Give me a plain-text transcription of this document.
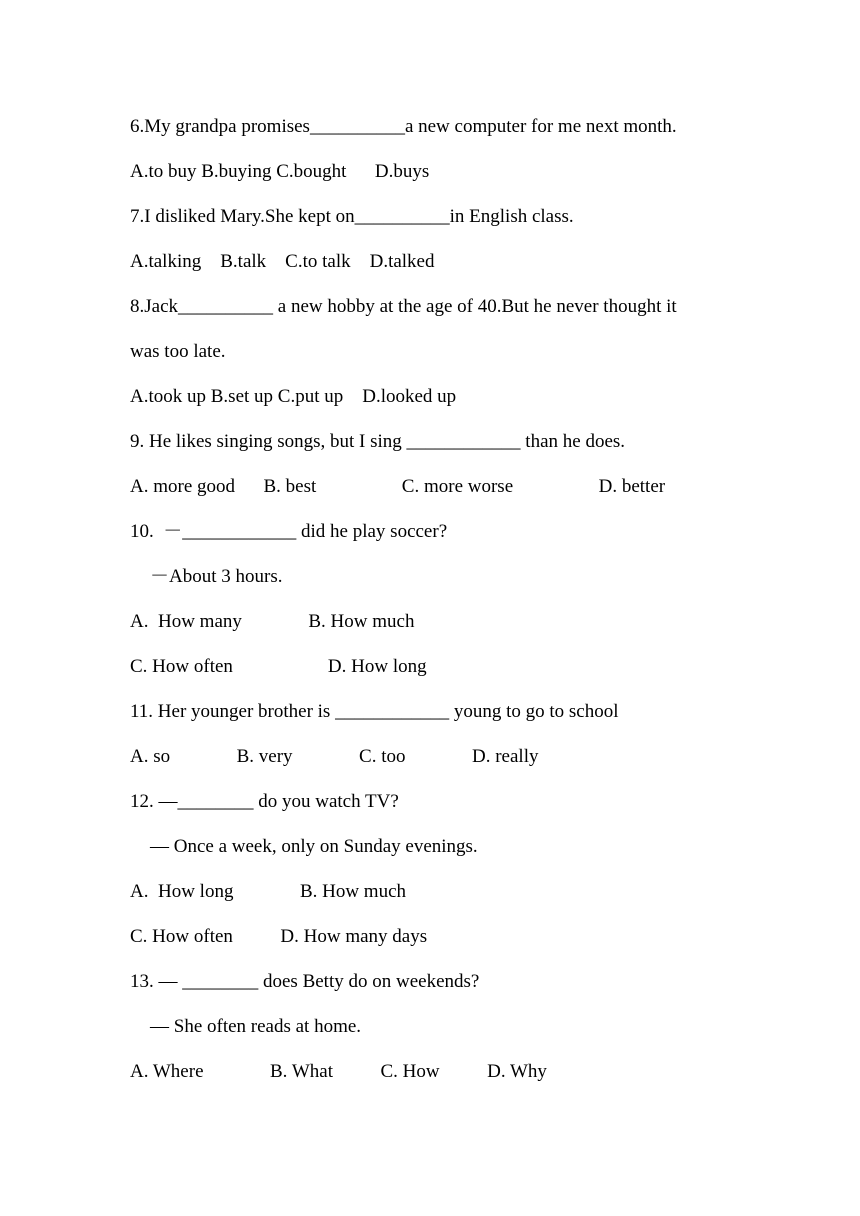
6.My grandpa promises__________a new computer for me next month.

A.to buy B.buying C.bought      D.buys

7.I disliked Mary.She kept on__________in English class.

A.talking    B.talk    C.to talk    D.talked

8.Jack__________ a new hobby at the age of 40.But he never thought it

was too late.

A.took up B.set up C.put up    D.looked up

9. He likes singing songs, but I sing ____________ than he does.

A. more good      B. best                  C. more worse                  D. better

10.  －____________ did he play soccer?

－About 3 hours.

A.  How many              B. How much

C. How often                    D. How long

11. Her younger brother is ____________ young to go to school

A. so              B. very              C. too              D. really

12. —________ do you watch TV?

— Once a week, only on Sunday evenings.

A.  How long              B. How much

C. How often          D. How many days

13. — ________ does Betty do on weekends?

— She often reads at home.

A. Where              B. What          C. How          D. Why
